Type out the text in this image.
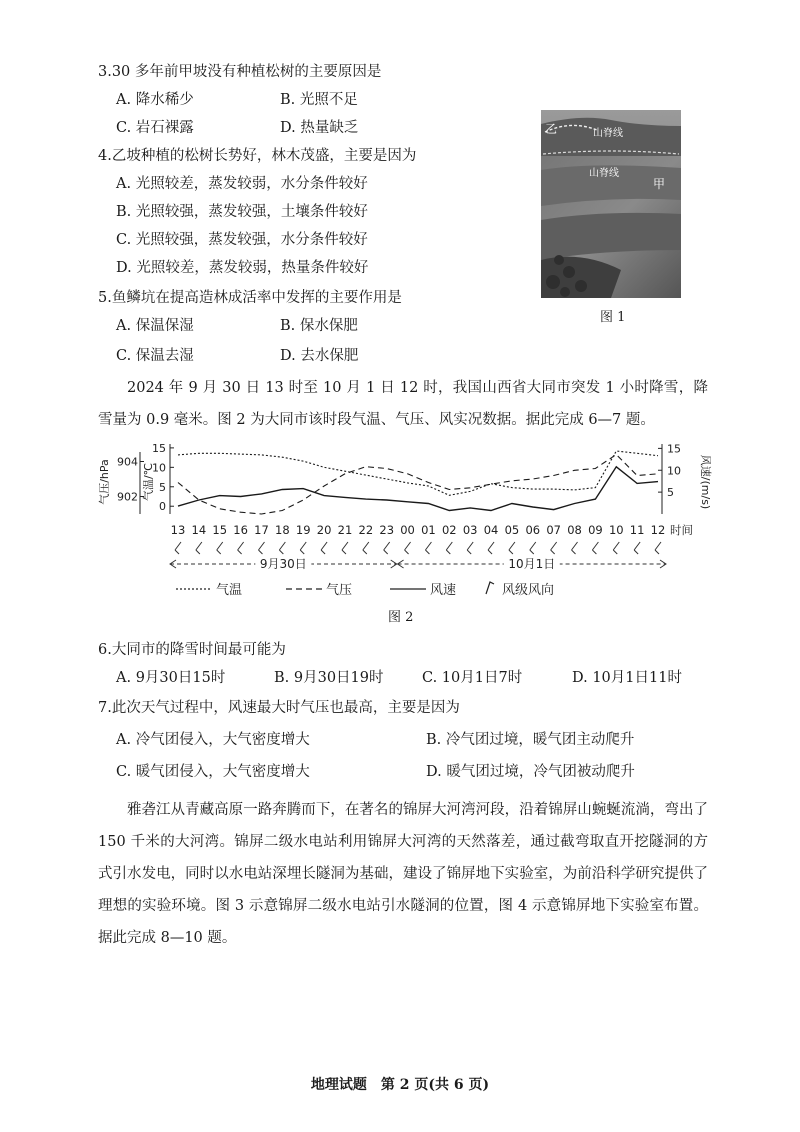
3.30 多年前甲坡没有种植松树的主要原因是
A. 降水稀少	B. 光照不足
C. 岩石裸露	D. 热量缺乏
4.乙坡种植的松树长势好，林木茂盛，主要是因为
A. 光照较差，蒸发较弱，水分条件较好
B. 光照较强，蒸发较强，土壤条件较好
C. 光照较强，蒸发较强，水分条件较好
D. 光照较差，蒸发较弱，热量条件较好
5.鱼鳞坑在提高造林成活率中发挥的主要作用是
A. 保温保湿	B. 保水保肥
C. 保温去湿	D. 去水保肥
乙	山脊线
山脊线
甲
图 1
2024 年 9 月 30 日 13 时至 10 月 1 日 12 时，我国山西省大同市突发 1 小时降雪，降雪量为 0.9 毫米。图 2 为大同市该时段气温、气压、风实况数据。据此完成 6—7 题。
气压/hPa	气温/℃	风速/(m/s)
902
904
0
5
10
15
5
10
15
13 14 15 16 17 18 19 20 21 22 23 00 01 02 03 04 05 06 07 08 09 10 11 12 时间
9月30日	10月1日
气温	气压	风速	风级风向
图 2
6.大同市的降雪时间最可能为
A. 9月30日15时	B. 9月30日19时	C. 10月1日7时	D. 10月1日11时
7.此次天气过程中，风速最大时气压也最高，主要是因为
A. 冷气团侵入，大气密度增大	B. 冷气团过境，暖气团主动爬升
C. 暖气团侵入，大气密度增大	D. 暖气团过境，冷气团被动爬升
雅砻江从青藏高原一路奔腾而下，在著名的锦屏大河湾河段，沿着锦屏山蜿蜒流淌，弯出了 150 千米的大河湾。锦屏二级水电站利用锦屏大河湾的天然落差，通过截弯取直开挖隧洞的方式引水发电，同时以水电站深埋长隧洞为基础，建设了锦屏地下实验室，为前沿科学研究提供了理想的实验环境。图 3 示意锦屏二级水电站引水隧洞的位置，图 4 示意锦屏地下实验室布置。据此完成 8—10 题。
地理试题　第 2 页(共 6 页)
